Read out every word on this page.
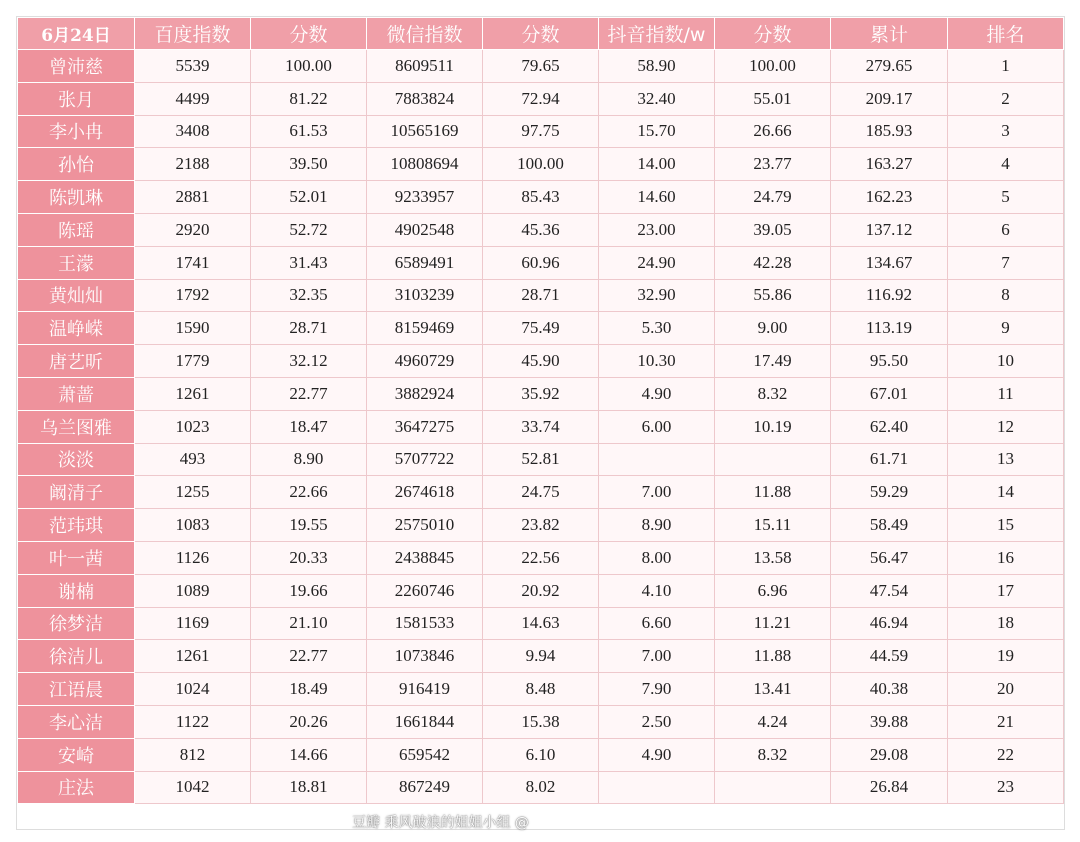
6月24日	百度指数	分数	微信指数	分数	抖音指数/w	分数	累计	排名
曾沛慈	5539	100.00	8609511	79.65	58.90	100.00	279.65	1
张月	4499	81.22	7883824	72.94	32.40	55.01	209.17	2
李小冉	3408	61.53	10565169	97.75	15.70	26.66	185.93	3
孙怡	2188	39.50	10808694	100.00	14.00	23.77	163.27	4
陈凯琳	2881	52.01	9233957	85.43	14.60	24.79	162.23	5
陈瑶	2920	52.72	4902548	45.36	23.00	39.05	137.12	6
王濛	1741	31.43	6589491	60.96	24.90	42.28	134.67	7
黄灿灿	1792	32.35	3103239	28.71	32.90	55.86	116.92	8
温峥嵘	1590	28.71	8159469	75.49	5.30	9.00	113.19	9
唐艺昕	1779	32.12	4960729	45.90	10.30	17.49	95.50	10
萧蔷	1261	22.77	3882924	35.92	4.90	8.32	67.01	11
乌兰图雅	1023	18.47	3647275	33.74	6.00	10.19	62.40	12
淡淡	493	8.90	5707722	52.81			61.71	13
阚清子	1255	22.66	2674618	24.75	7.00	11.88	59.29	14
范玮琪	1083	19.55	2575010	23.82	8.90	15.11	58.49	15
叶一茜	1126	20.33	2438845	22.56	8.00	13.58	56.47	16
谢楠	1089	19.66	2260746	20.92	4.10	6.96	47.54	17
徐梦洁	1169	21.10	1581533	14.63	6.60	11.21	46.94	18
徐洁儿	1261	22.77	1073846	9.94	7.00	11.88	44.59	19
江语晨	1024	18.49	916419	8.48	7.90	13.41	40.38	20
李心洁	1122	20.26	1661844	15.38	2.50	4.24	39.88	21
安崎	812	14.66	659542	6.10	4.90	8.32	29.08	22
庄法	1042	18.81	867249	8.02			26.84	23
豆瓣 乘风破浪的姐姐小组 @
